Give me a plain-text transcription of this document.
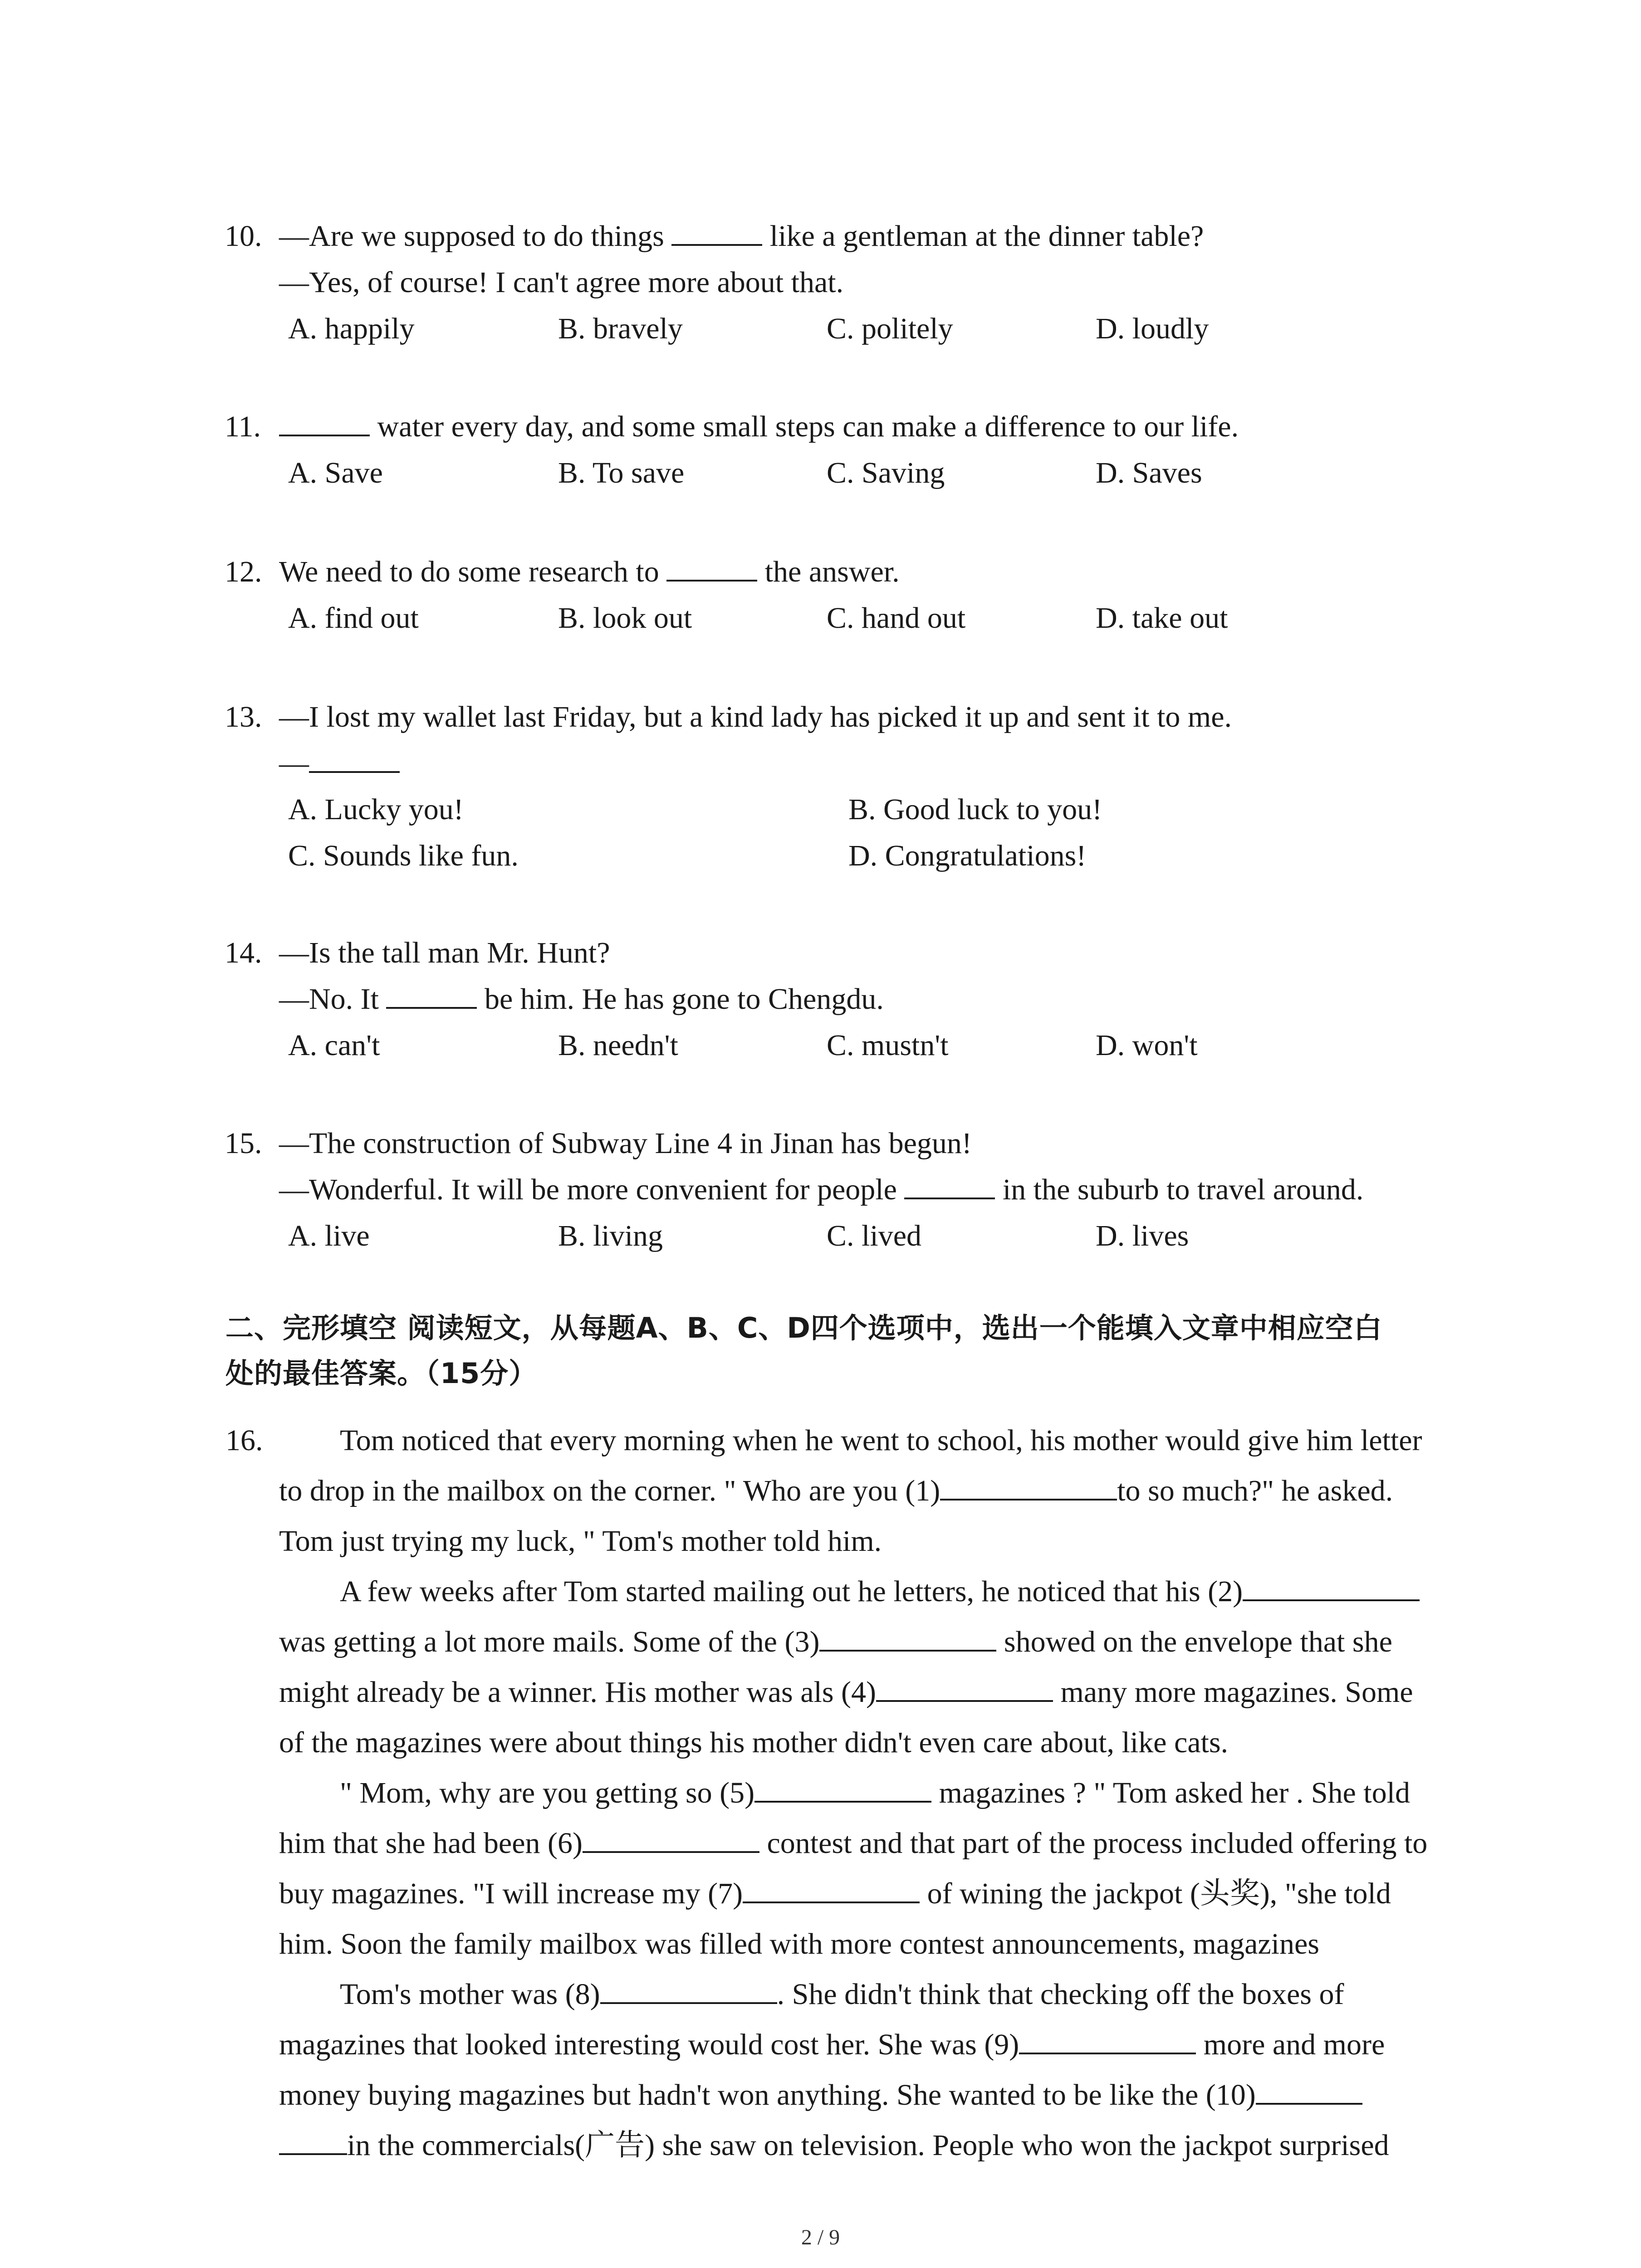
10. —Are we supposed to do things	like a gentleman at the dinner table?
—Yes, of course! I can't agree more about that.
A. happily	B. bravely	C. politely	D. loudly
11.	water every day, and some small steps can make a difference to our life.
A. Save	B. To save	C. Saving	D. Saves
12. We need to do some research to	the answer.
A. find out	B. look out	C. hand out	D. take out
13. —I lost my wallet last Friday, but a kind lady has picked it up and sent it to me.
—
A. Lucky you!	B. Good luck to you!
C. Sounds like fun.	D. Congratulations!
14. —Is the tall man Mr. Hunt?
—No. It	be him. He has gone to Chengdu.
A. can't	B. needn't	C. mustn't	D. won't
15. —The construction of Subway Line 4 in Jinan has begun!
—Wonderful. It will be more convenient for people	in the suburb to travel around.
A. live	B. living	C. lived	D. lives
二、完形填空 阅读短文，从每题A、B、C、D四个选项中，选出一个能填入文章中相应空白
处的最佳答案。（15分）
16.	Tom noticed that every morning when he went to school, his mother would give him letter
to drop in the mailbox on the corner. " Who are you (1)	to so much?" he asked.
Tom just trying my luck, " Tom's mother told him.
A few weeks after Tom started mailing out he letters, he noticed that his (2)
was getting a lot more mails. Some of the (3)	showed on the envelope that she
might already be a winner. His mother was als (4)	many more magazines. Some
of the magazines were about things his mother didn't even care about, like cats.
" Mom, why are you getting so (5)	magazines ? " Tom asked her . She told
him that she had been (6)	contest and that part of the process included offering to
buy magazines. "I will increase my (7)	of wining the jackpot (头奖), "she told
him. Soon the family mailbox was filled with more contest announcements, magazines
Tom's mother was (8)	. She didn't think that checking off the boxes of
magazines that looked interesting would cost her. She was (9)	more and more
money buying magazines but hadn't won anything. She wanted to be like the (10)
in the commercials(广告) she saw on television. People who won the jackpot surprised
2 / 9
